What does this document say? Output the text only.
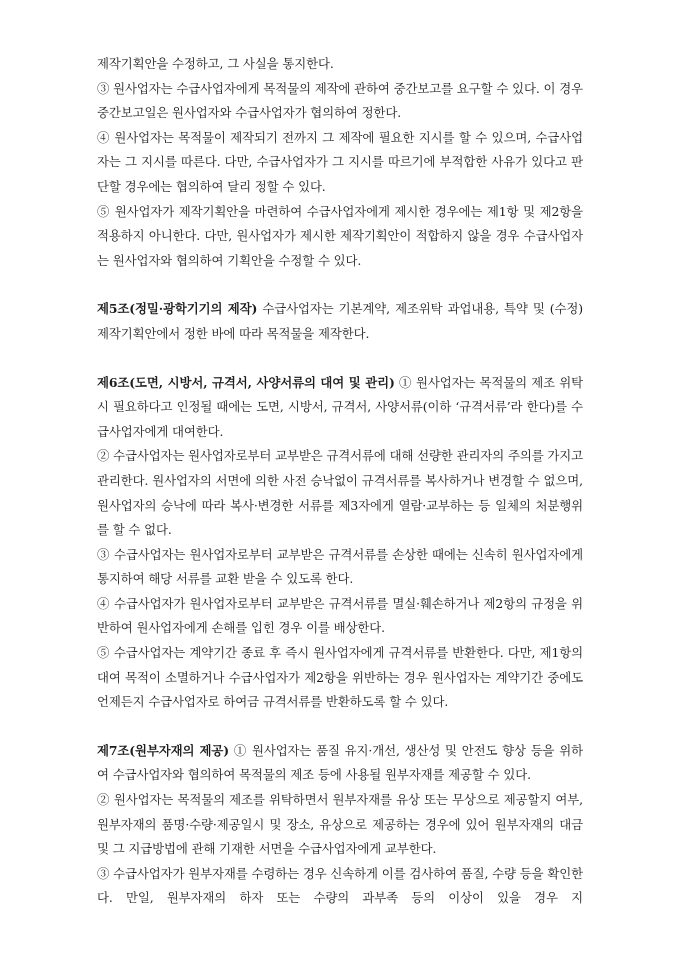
제작기획안을 수정하고, 그 사실을 통지한다.

③ 원사업자는 수급사업자에게 목적물의 제작에 관하여 중간보고를 요구할 수 있다. 이 경우 중간보고일은 원사업자와 수급사업자가 협의하여 정한다.

④ 원사업자는 목적물이 제작되기 전까지 그 제작에 필요한 지시를 할 수 있으며, 수급사업자는 그 지시를 따른다. 다만, 수급사업자가 그 지시를 따르기에 부적합한 사유가 있다고 판단할 경우에는 협의하여 달리 정할 수 있다.

⑤ 원사업자가 제작기획안을 마련하여 수급사업자에게 제시한 경우에는 제1항 및 제2항을 적용하지 아니한다. 다만, 원사업자가 제시한 제작기획안이 적합하지 않을 경우 수급사업자는 원사업자와 협의하여 기획안을 수정할 수 있다.

제5조(정밀·광학기기의 제작) 수급사업자는 기본계약, 제조위탁 과업내용, 특약 및 (수정)제작기획안에서 정한 바에 따라 목적물을 제작한다.

제6조(도면, 시방서, 규격서, 사양서류의 대여 및 관리) ① 원사업자는 목적물의 제조 위탁시 필요하다고 인정될 때에는 도면, 시방서, 규격서, 사양서류(이하 ‘규격서류’라 한다)를 수급사업자에게 대여한다.

② 수급사업자는 원사업자로부터 교부받은 규격서류에 대해 선량한 관리자의 주의를 가지고 관리한다. 원사업자의 서면에 의한 사전 승낙없이 규격서류를 복사하거나 변경할 수 없으며, 원사업자의 승낙에 따라 복사·변경한 서류를 제3자에게 열람·교부하는 등 일체의 처분행위를 할 수 없다.

③ 수급사업자는 원사업자로부터 교부받은 규격서류를 손상한 때에는 신속히 원사업자에게 통지하여 해당 서류를 교환 받을 수 있도록 한다.

④ 수급사업자가 원사업자로부터 교부받은 규격서류를 멸실·훼손하거나 제2항의 규정을 위반하여 원사업자에게 손해를 입힌 경우 이를 배상한다.

⑤ 수급사업자는 계약기간 종료 후 즉시 원사업자에게 규격서류를 반환한다. 다만, 제1항의 대여 목적이 소멸하거나 수급사업자가 제2항을 위반하는 경우 원사업자는 계약기간 중에도 언제든지 수급사업자로 하여금 규격서류를 반환하도록 할 수 있다.

제7조(원부자재의 제공) ① 원사업자는 품질 유지·개선, 생산성 및 안전도 향상 등을 위하여 수급사업자와 협의하여 목적물의 제조 등에 사용될 원부자재를 제공할 수 있다.

② 원사업자는 목적물의 제조를 위탁하면서 원부자재를 유상 또는 무상으로 제공할지 여부, 원부자재의 품명·수량·제공일시 및 장소, 유상으로 제공하는 경우에 있어 원부자재의 대금 및 그 지급방법에 관해 기재한 서면을 수급사업자에게 교부한다.

③ 수급사업자가 원부자재를 수령하는 경우 신속하게 이를 검사하여 품질, 수량 등을 확인한다. 만일, 원부자재의 하자 또는 수량의 과부족 등의 이상이 있을 경우 지
